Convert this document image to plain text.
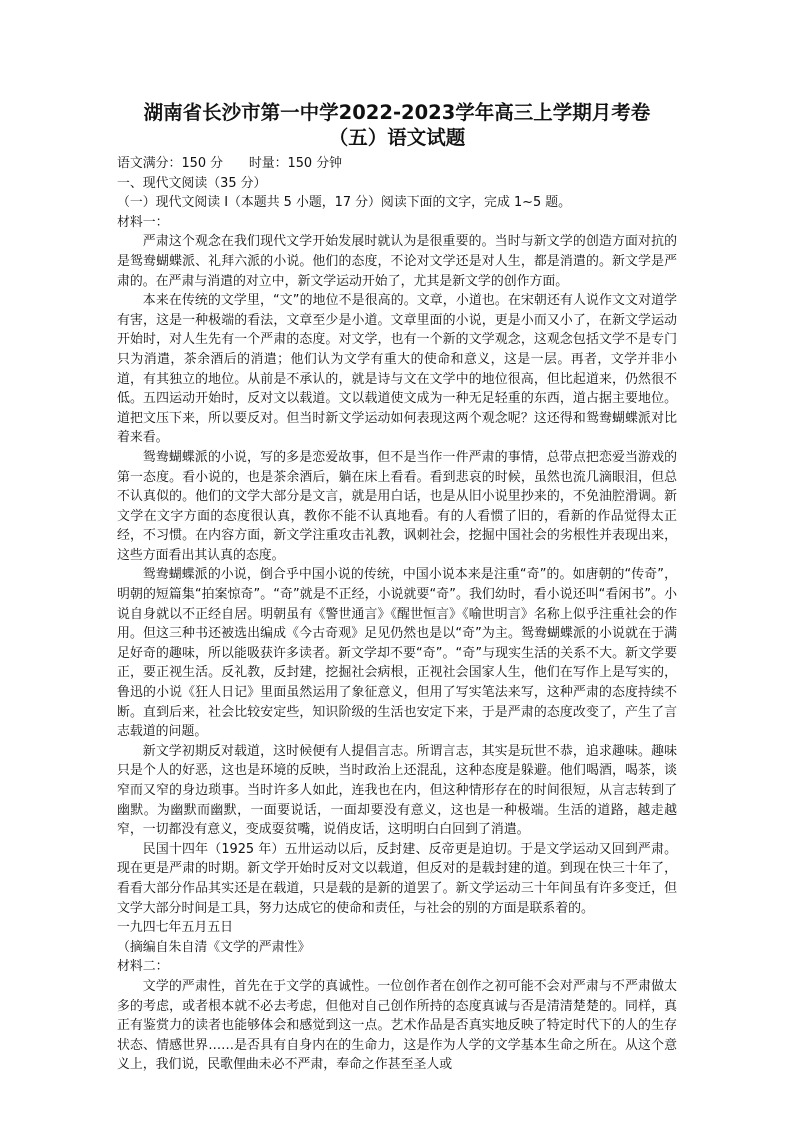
湖南省长沙市第一中学2022-2023学年高三上学期月考卷
（五）语文试题
语文满分：150 分　　时量：150 分钟
一、现代文阅读（35 分）
（一）现代文阅读 I（本题共 5 小题，17 分）阅读下面的文字，完成 1~5 题。
材料一：

严肃这个观念在我们现代文学开始发展时就认为是很重要的。当时与新文学的创造方面对抗的是鸳鸯蝴蝶派、礼拜六派的小说。他们的态度，不论对文学还是对人生，都是消遣的。新文学是严肃的。在严肃与消遣的对立中，新文学运动开始了，尤其是新文学的创作方面。

本来在传统的文学里，“文”的地位不是很高的。文章，小道也。在宋朝还有人说作文文对道学有害，这是一种极端的看法，文章至少是小道。文章里面的小说，更是小而又小了，在新文学运动开始时，对人生先有一个严肃的态度。对文学，也有一个新的文学观念，这观念包括文学不是专门只为消遣，茶余酒后的消遣；他们认为文学有重大的使命和意义，这是一层。再者，文学并非小道，有其独立的地位。从前是不承认的，就是诗与文在文学中的地位很高，但比起道来，仍然很不低。五四运动开始时，反对文以载道。文以载道使文成为一种无足轻重的东西，道占据主要地位。道把文压下来，所以要反对。但当时新文学运动如何表现这两个观念呢？这还得和鸳鸯蝴蝶派对比着来看。

鸳鸯蝴蝶派的小说，写的多是恋爱故事，但不是当作一件严肃的事情，总带点把恋爱当游戏的第一态度。看小说的，也是茶余酒后，躺在床上看看。看到悲哀的时候，虽然也流几滴眼泪，但总不认真似的。他们的文学大部分是文言，就是用白话，也是从旧小说里抄来的，不免油腔滑调。新文学在文字方面的态度很认真，教你不能不认真地看。有的人看惯了旧的，看新的作品觉得太正经，不习惯。在内容方面，新文学注重攻击礼教，讽刺社会，挖掘中国社会的劣根性并表现出来，这些方面看出其认真的态度。

鸳鸯蝴蝶派的小说，倒合乎中国小说的传统，中国小说本来是注重“奇”的。如唐朝的“传奇”，明朝的短篇集“拍案惊奇”。“奇”就是不正经，小说就要“奇”。我们幼时，看小说还叫“看闲书”。小说自身就以不正经自居。明朝虽有《警世通言》《醒世恒言》《喻世明言》名称上似乎注重社会的作用。但这三种书还被选出编成《今古奇观》足见仍然也是以“奇”为主。鸳鸯蝴蝶派的小说就在于满足好奇的趣味，所以能吸获许多读者。新文学却不要“奇”。“奇”与现实生活的关系不大。新文学要正，要正视生活。反礼教，反封建，挖掘社会病根，正视社会国家人生，他们在写作上是写实的，鲁迅的小说《狂人日记》里面虽然运用了象征意义，但用了写实笔法来写，这种严肃的态度持续不断。直到后来，社会比较安定些，知识阶级的生活也安定下来，于是严肃的态度改变了，产生了言志载道的问题。

新文学初期反对载道，这时候便有人提倡言志。所谓言志，其实是玩世不恭，追求趣味。趣味只是个人的好恶，这也是环境的反映，当时政治上还混乱，这种态度是躲避。他们喝酒，喝茶，谈窄而又窄的身边琐事。当时许多人如此，连我也在内，但这种情形存在的时间很短，从言志转到了幽默。为幽默而幽默，一面要说话，一面却要没有意义，这也是一种极端。生活的道路，越走越窄，一切都没有意义，变成耍贫嘴，说俏皮话，这明明白白回到了消遣。

民国十四年（1925 年）五卅运动以后，反封建、反帝更是迫切。于是文学运动又回到严肃。现在更是严肃的时期。新文学开始时反对文以载道，但反对的是载封建的道。到现在快三十年了，看看大部分作品其实还是在载道，只是载的是新的道罢了。新文学运动三十年间虽有许多变迁，但文学大部分时间是工具，努力达成它的使命和责任，与社会的别的方面是联系着的。

一九四七年五月五日
（摘编自朱自清《文学的严肃性》
材料二：

文学的严肃性，首先在于文学的真诚性。一位创作者在创作之初可能不会对严肃与不严肃做太多的考虑，或者根本就不必去考虑，但他对自己创作所持的态度真诚与否是清清楚楚的。同样，真正有鉴赏力的读者也能够体会和感觉到这一点。艺术作品是否真实地反映了特定时代下的人的生存状态、情感世界……是否具有自身内在的生命力，这是作为人学的文学基本生命之所在。从这个意义上，我们说，民歌俚曲未必不严肃，奉命之作甚至圣人或
